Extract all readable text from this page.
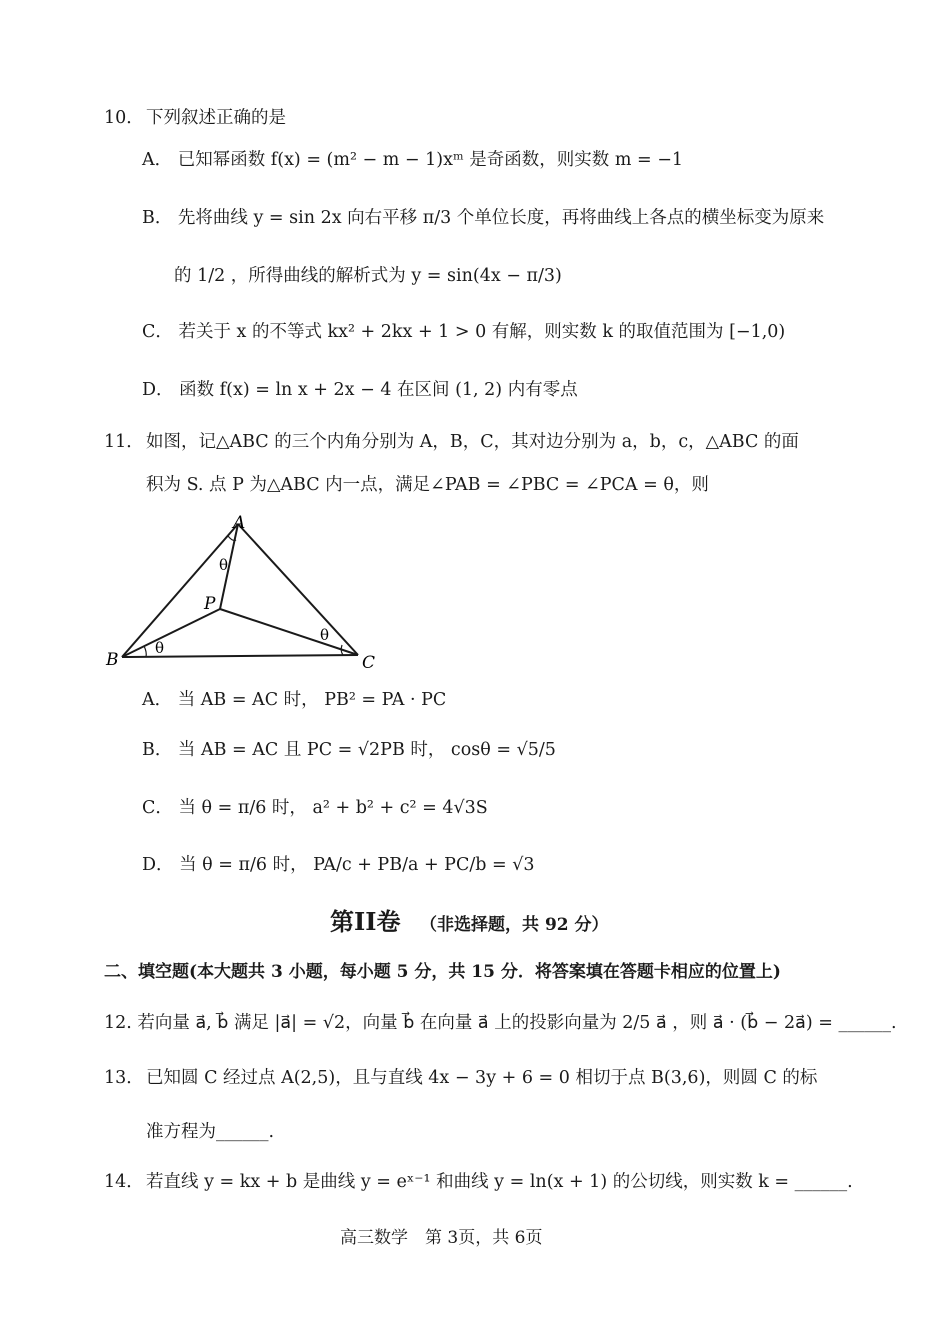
10． 下列叙述正确的是
A． 已知幂函数 f(x) = (m² − m − 1)xᵐ 是奇函数，则实数 m = −1
B． 先将曲线 y = sin 2x 向右平移 π/3 个单位长度，再将曲线上各点的横坐标变为原来
的 1/2 ，所得曲线的解析式为 y = sin(4x − π/3)
C． 若关于 x 的不等式 kx² + 2kx + 1 > 0 有解，则实数 k 的取值范围为 [−1,0)
D． 函数 f(x) = ln x + 2x − 4 在区间 (1, 2) 内有零点
11． 如图，记△ABC 的三个内角分别为 A，B，C，其对边分别为 a，b，c，△ABC 的面
积为 S. 点 P 为△ABC 内一点，满足∠PAB = ∠PBC = ∠PCA = θ，则
A
B	C
P
θ
θ
θ
A． 当 AB = AC 时， PB² = PA · PC
B． 当 AB = AC 且 PC = √2PB 时， cosθ = √5/5
C． 当 θ = π/6 时， a² + b² + c² = 4√3S
D． 当 θ = π/6 时， PA/c + PB/a + PC/b = √3
第II卷 （非选择题，共 92 分）
二、填空题(本大题共 3 小题，每小题 5 分，共 15 分．将答案填在答题卡相应的位置上)
12. 若向量 a⃗, b⃗ 满足 |a⃗| = √2，向量 b⃗ 在向量 a⃗ 上的投影向量为 2/5 a⃗ ，则 a⃗ · (b⃗ − 2a⃗) = ______.
13． 已知圆 C 经过点 A(2,5)，且与直线 4x − 3y + 6 = 0 相切于点 B(3,6)，则圆 C 的标
准方程为______.
14． 若直线 y = kx + b 是曲线 y = eˣ⁻¹ 和曲线 y = ln(x + 1) 的公切线，则实数 k = ______.
高三数学　第 3页，共 6页
